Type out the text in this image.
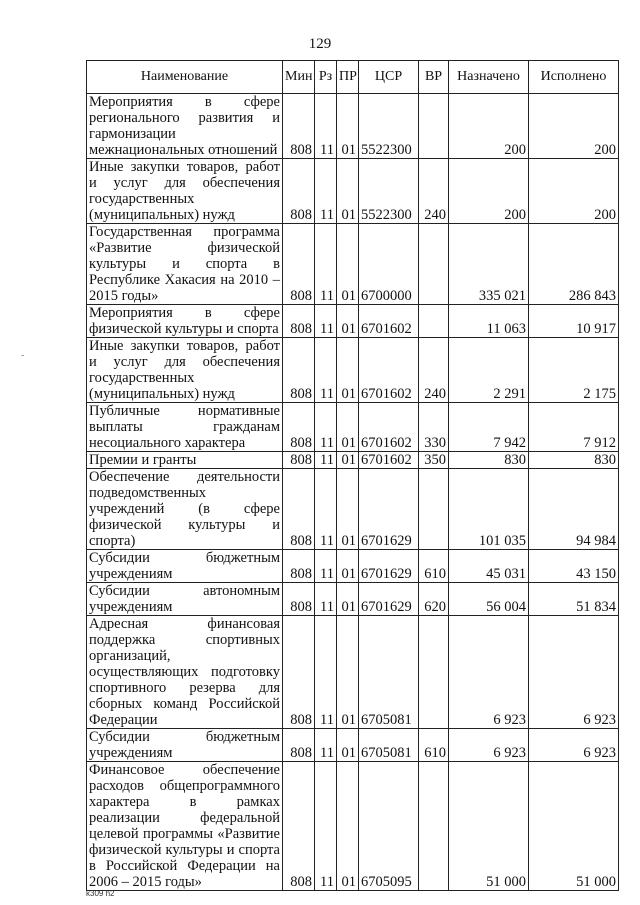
129
Наименование	Мин	Рз	ПР	ЦСР	ВР	Назначено	Исполнено
Мероприятия в сфере регионального развития и гармонизации межнациональных отношений	808	11	01	5522300		200	200
Иные закупки товаров, работ и услуг для обеспечения государственных (муниципальных) нужд	808	11	01	5522300	240	200	200
Государственная программа «Развитие физической культуры и спорта в Республике Хакасия на 2010 – 2015 годы»	808	11	01	6700000		335 021	286 843
Мероприятия в сфере физической культуры и спорта	808	11	01	6701602		11 063	10 917
Иные закупки товаров, работ и услуг для обеспечения государственных (муниципальных) нужд	808	11	01	6701602	240	2 291	2 175
Публичные нормативные выплаты гражданам несоциального характера	808	11	01	6701602	330	7 942	7 912
Премии и гранты	808	11	01	6701602	350	830	830
Обеспечение деятельности подведомственных учреждений (в сфере физической культуры и спорта)	808	11	01	6701629		101 035	94 984
Субсидии бюджетным учреждениям	808	11	01	6701629	610	45 031	43 150
Субсидии автономным учреждениям	808	11	01	6701629	620	56 004	51 834
Адресная финансовая поддержка спортивных организаций, осуществляющих подготовку спортивного резерва для сборных команд Российской Федерации	808	11	01	6705081		6 923	6 923
Субсидии бюджетным учреждениям	808	11	01	6705081	610	6 923	6 923
Финансовое обеспечение расходов общепрограммного характера в рамках реализации федеральной целевой программы «Развитие физической культуры и спорта в Российской Федерации на 2006 – 2015 годы»	808	11	01	6705095		51 000	51 000
-
k309 h2
